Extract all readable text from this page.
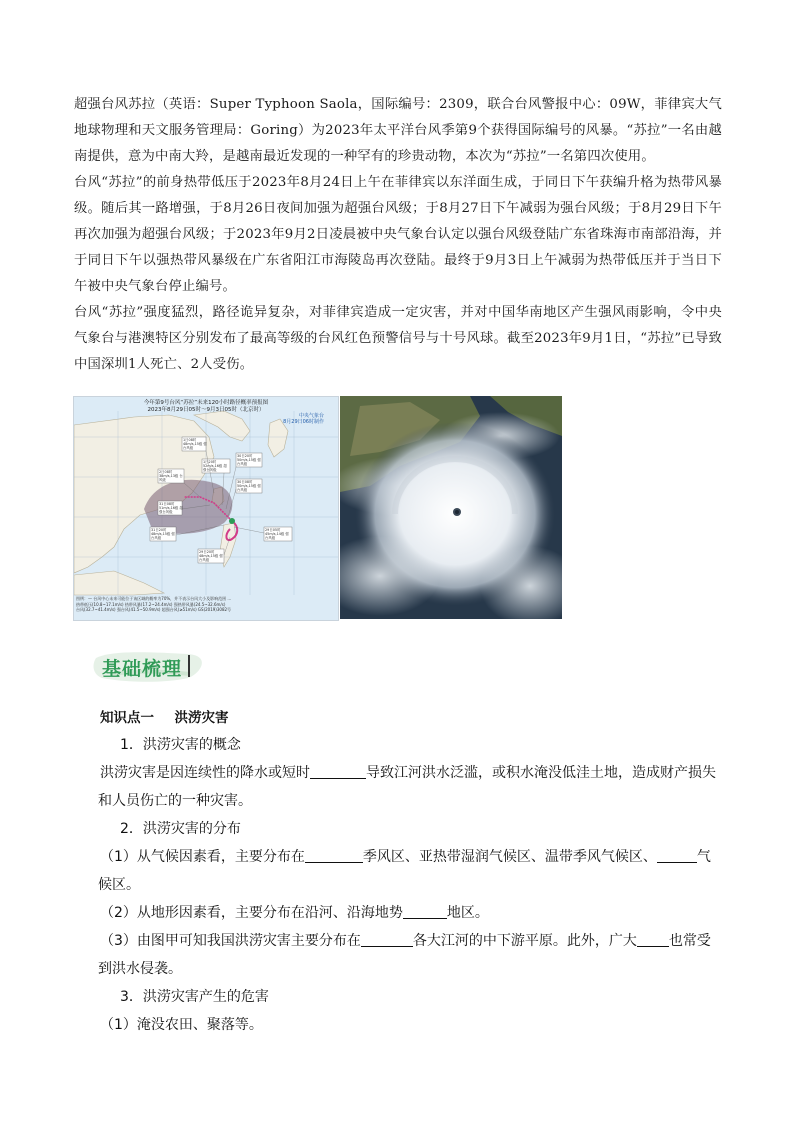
超强台风苏拉（英语：Super Typhoon Saola，国际编号：2309，联合台风警报中心：09W，菲律宾大气地球物理和天文服务管理局：Goring）为2023年太平洋台风季第9个获得国际编号的风暴。“苏拉”一名由越南提供，意为中南大羚，是越南最近发现的一种罕有的珍贵动物，本次为“苏拉”一名第四次使用。

台风“苏拉”的前身热带低压于2023年8月24日上午在菲律宾以东洋面生成，于同日下午获编升格为热带风暴级。随后其一路增强，于8月26日夜间加强为超强台风级；于8月27日下午减弱为强台风级；于8月29日下午再次加强为超强台风级；于2023年9月2日凌晨被中央气象台认定以强台风级登陆广东省珠海市南部沿海，并于同日下午以强热带风暴级在广东省阳江市海陵岛再次登陆。最终于9月3日上午减弱为热带低压并于当日下午被中央气象台停止编号。

台风“苏拉”强度猛烈，路径诡异复杂，对菲律宾造成一定灾害，并对中国华南地区产生强风雨影响，令中央气象台与港澳特区分别发布了最高等级的台风红色预警信号与十号风球。截至2023年9月1日，“苏拉”已导致中国深圳1人死亡、2人受伤。

今年第9号台风“苏拉”未来120小时路径概率预报图
2023年8月29日05时～9月3日05时（北京时）
中央气象台
8月29日06时制作
1日08时 48m/s,15级 强台风级
2日08时 38m/s,13级 台风级
1日20时 52m/s,16级 超强台风级
30日20时 50m/s,15级 强台风级
30日08时 50m/s,15级 强台风级
31日08时 51m/s,16级 超强台风级
31日20时 48m/s,15级 强台风级
29日20时 48m/s,15级 强台风级
29日05时 45m/s,14级 强台风级
图例：— 台风中心未来可能位于该区域的概率为70%，并不表示台风大小及影响范围 …
热带低压(10.8~17.1m/s) 热带风暴(17.2~24.4m/s) 强热带风暴(24.5~32.6m/s)
台风(32.7~41.4m/s) 强台风(41.5~50.9m/s) 超强台风(≥51m/s) GS(2019)3082号
基础梳理
知识点一 洪涝灾害
1．洪涝灾害的概念
洪涝灾害是因连续性的降水或短时	导致江河洪水泛滥，或积水淹没低洼土地，造成财产损失
和人员伤亡的一种灾害。
2．洪涝灾害的分布
（1）从气候因素看，主要分布在	季风区、亚热带湿润气候区、温带季风气候区、	气
候区。
（2）从地形因素看，主要分布在沿河、沿海地势	地区。
（3）由图甲可知我国洪涝灾害主要分布在	各大江河的中下游平原。此外，广大 也常受
到洪水侵袭。
3．洪涝灾害产生的危害
（1）淹没农田、聚落等。
